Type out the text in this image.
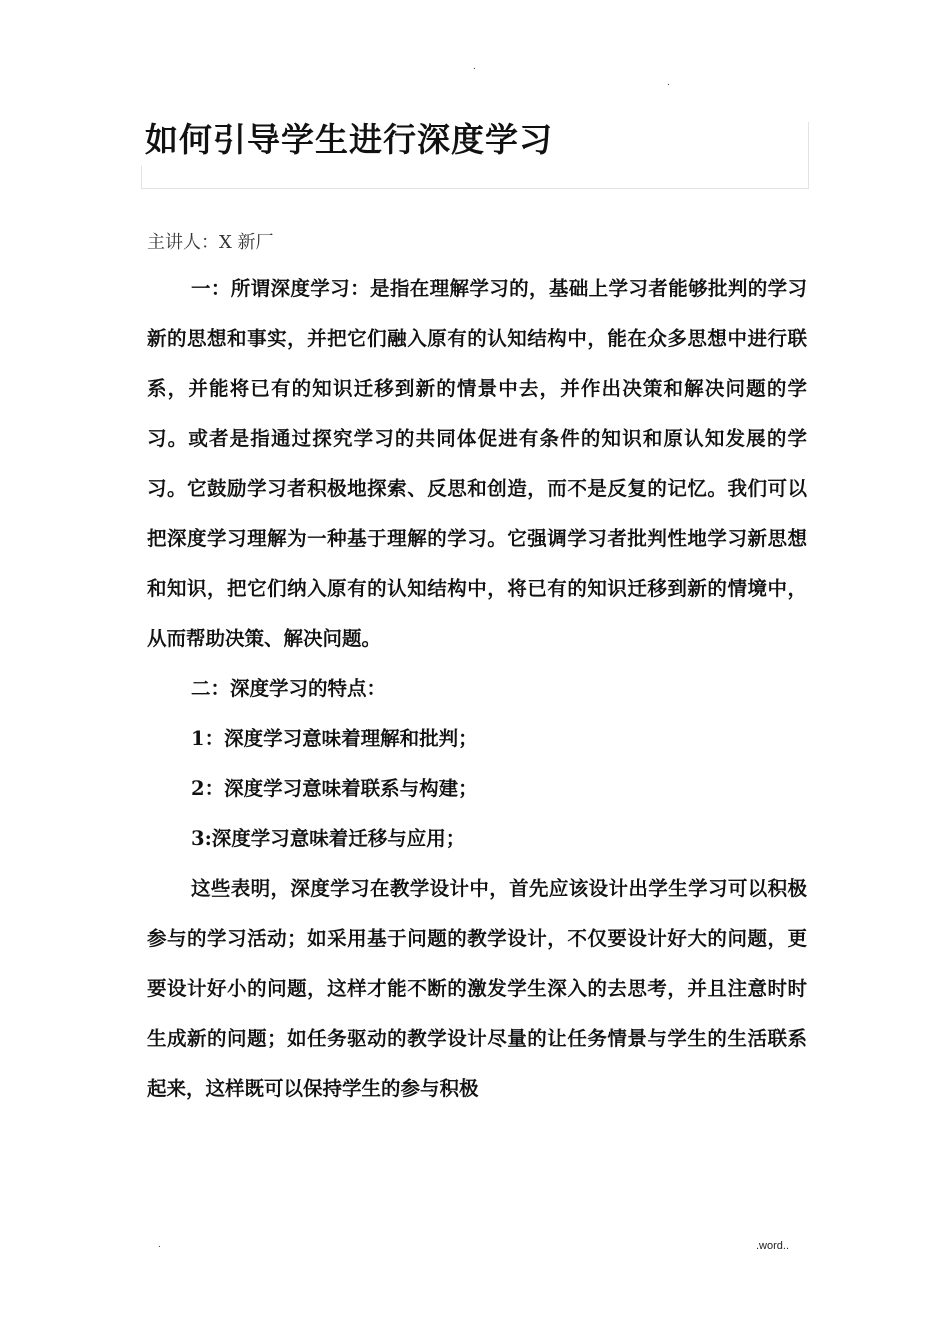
.
.
如何引导学生进行深度学习
主讲人：X 新厂

一：所谓深度学习：是指在理解学习的，基础上学习者能够批判的学习新的思想和事实，并把它们融入原有的认知结构中，能在众多思想中进行联系，并能将已有的知识迁移到新的情景中去，并作出决策和解决问题的学习。或者是指通过探究学习的共同体促进有条件的知识和原认知发展的学习。它鼓励学习者积极地探索、反思和创造，而不是反复的记忆。我们可以把深度学习理解为一种基于理解的学习。它强调学习者批判性地学习新思想和知识，把它们纳入原有的认知结构中，将已有的知识迁移到新的情境中，从而帮助决策、解决问题。

二：深度学习的特点：

1：深度学习意味着理解和批判；

2：深度学习意味着联系与构建；

3:深度学习意味着迁移与应用；

这些表明，深度学习在教学设计中，首先应该设计出学生学习可以积极参与的学习活动；如采用基于问题的教学设计，不仅要设计好大的问题，更要设计好小的问题，这样才能不断的激发学生深入的去思考，并且注意时时生成新的问题；如任务驱动的教学设计尽量的让任务情景与学生的生活联系起来，这样既可以保持学生的参与积极

.	.word..
